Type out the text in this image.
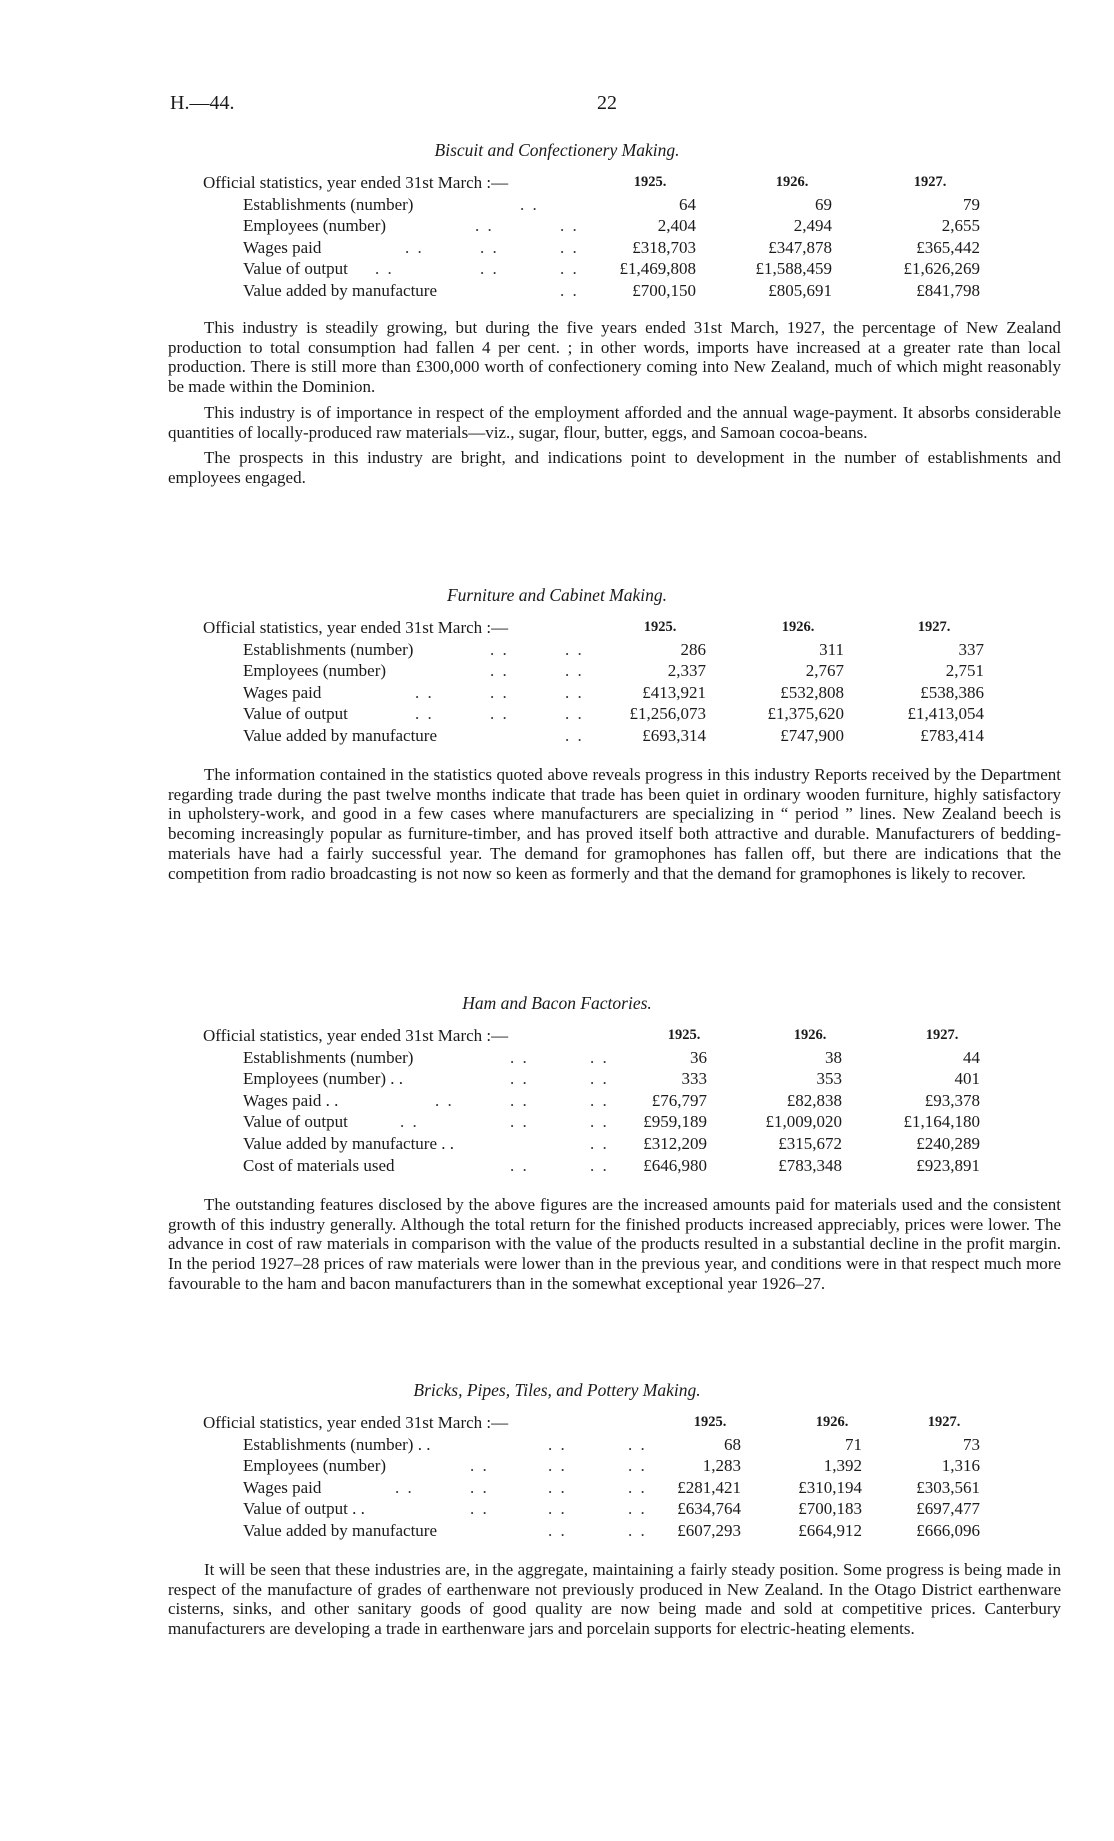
H.—44.	22
Biscuit and Confectionery Making.
Official statistics, year ended 31st March :—	1925.	1926.	1927.
Establishments (number)	. .	64	69	79
Employees (number)	. .	. .	2,404	2,494	2,655
Wages paid	. .	. .	. .	£318,703	£347,878	£365,442
Value of output . .	. .	. . £1,469,808	£1,588,459	£1,626,269
Value added by manufacture	. .	£700,150	£805,691	£841,798

This industry is steadily growing, but during the five years ended 31st March, 1927, the percentage of New Zealand production to total consumption had fallen 4 per cent. ; in other words, imports have increased at a greater rate than local production. There is still more than £300,000 worth of confectionery coming into New Zealand, much of which might reasonably be made within the Dominion.

This industry is of importance in respect of the employment afforded and the annual wage-payment. It absorbs considerable quantities of locally-produced raw materials—viz., sugar, flour, butter, eggs, and Samoan cocoa-beans.

The prospects in this industry are bright, and indications point to development in the number of establishments and employees engaged.

Furniture and Cabinet Making.
Official statistics, year ended 31st March :—	1925.	1926.	1927.
Establishments (number)	. .	. .	286	311	337
Employees (number)	. .	. .	2,337	2,767	2,751
Wages paid	. .	. .	. .	£413,921	£532,808	£538,386
Value of output	. .	. .	. .	£1,256,073	£1,375,620	£1,413,054
Value added by manufacture	. .	£693,314	£747,900	£783,414

The information contained in the statistics quoted above reveals progress in this industry Reports received by the Department regarding trade during the past twelve months indicate that trade has been quiet in ordinary wooden furniture, highly satisfactory in upholstery-work, and good in a few cases where manufacturers are specializing in “ period ” lines. New Zealand beech is becoming increasingly popular as furniture-timber, and has proved itself both attractive and durable. Manufacturers of bedding-materials have had a fairly successful year. The demand for gramophones has fallen off, but there are indications that the competition from radio broadcasting is not now so keen as formerly and that the demand for gramophones is likely to recover.

Ham and Bacon Factories.
Official statistics, year ended 31st March :—	1925.	1926.	1927.
Establishments (number)	. .	. .	36	38	44
Employees (number) . .	. .	. .	333	353	401
Wages paid . .	. .	. .	. .	£76,797	£82,838	£93,378
Value of output	. .	. .	. . £959,189	£1,009,020	£1,164,180
Value added by manufacture . .	. . £312,209	£315,672	£240,289
Cost of materials used	. .	. . £646,980	£783,348	£923,891

The outstanding features disclosed by the above figures are the increased amounts paid for materials used and the consistent growth of this industry generally. Although the total return for the finished products increased appreciably, prices were lower. The advance in cost of raw materials in comparison with the value of the products resulted in a substantial decline in the profit margin. In the period 1927–28 prices of raw materials were lower than in the previous year, and conditions were in that respect much more favourable to the ham and bacon manufacturers than in the somewhat exceptional year 1926–27.

Bricks, Pipes, Tiles, and Pottery Making.
Official statistics, year ended 31st March :—	1925.	1926.	1927.
Establishments (number) . .	. .	. .	68	71	73
Employees (number)	. .	. .	. .	1,283	1,392	1,316
Wages paid	. .	. .	. .	. . £281,421	£310,194	£303,561
Value of output . .	. .	. .	. . £634,764	£700,183	£697,477
Value added by manufacture	. .	. . £607,293	£664,912	£666,096

It will be seen that these industries are, in the aggregate, maintaining a fairly steady position. Some progress is being made in respect of the manufacture of grades of earthenware not previously produced in New Zealand. In the Otago District earthenware cisterns, sinks, and other sanitary goods of good quality are now being made and sold at competitive prices. Canterbury manufacturers are developing a trade in earthenware jars and porcelain supports for electric-heating elements.
